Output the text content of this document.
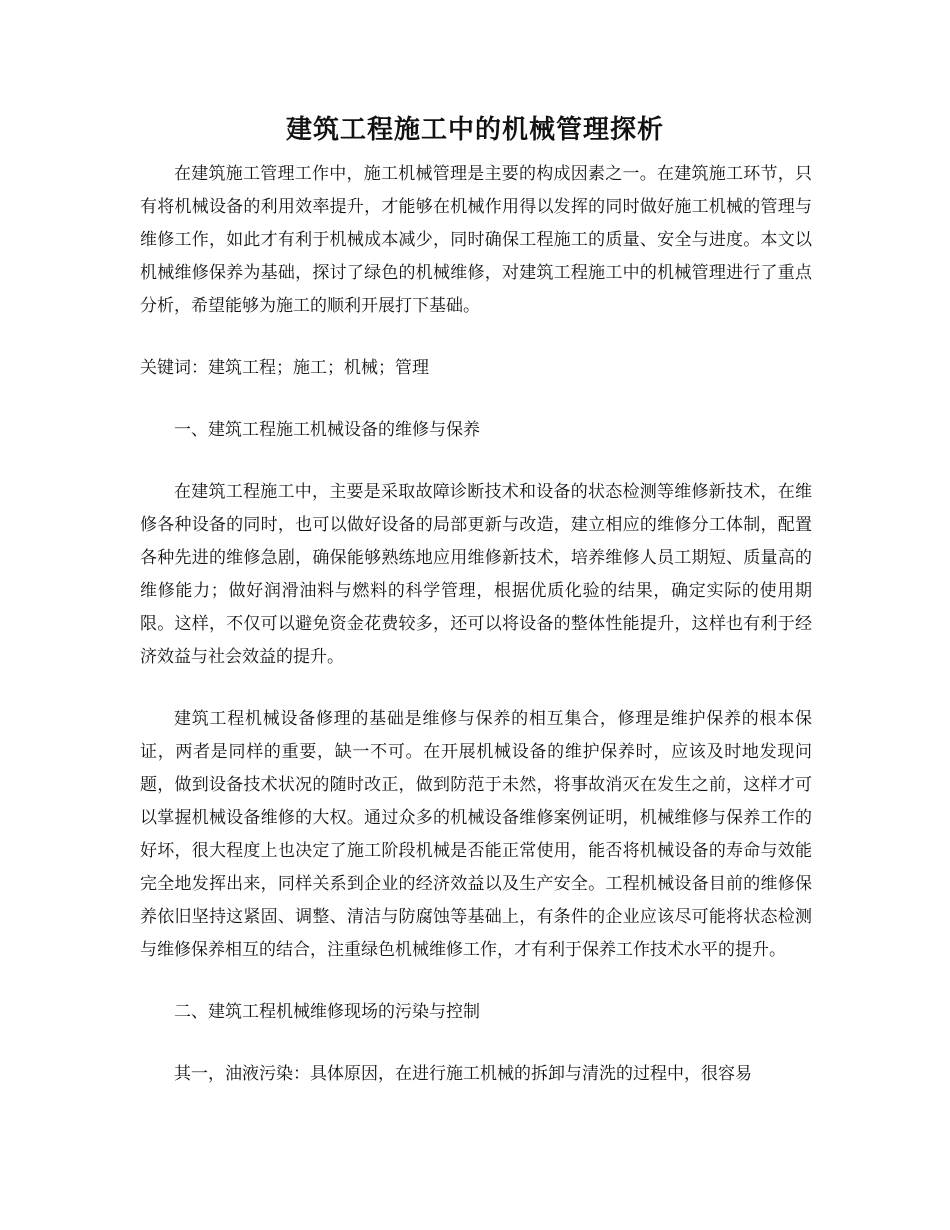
建筑工程施工中的机械管理探析

在建筑施工管理工作中，施工机械管理是主要的构成因素之一。在建筑施工环节，只有将机械设备的利用效率提升，才能够在机械作用得以发挥的同时做好施工机械的管理与维修工作，如此才有利于机械成本减少，同时确保工程施工的质量、安全与进度。本文以机械维修保养为基础，探讨了绿色的机械维修，对建筑工程施工中的机械管理进行了重点分析，希望能够为施工的顺利开展打下基础。

关键词：建筑工程；施工；机械；管理

一、建筑工程施工机械设备的维修与保养

在建筑工程施工中，主要是采取故障诊断技术和设备的状态检测等维修新技术，在维修各种设备的同时，也可以做好设备的局部更新与改造，建立相应的维修分工体制，配置各种先进的维修急剧，确保能够熟练地应用维修新技术，培养维修人员工期短、质量高的维修能力；做好润滑油料与燃料的科学管理，根据优质化验的结果，确定实际的使用期限。这样，不仅可以避免资金花费较多，还可以将设备的整体性能提升，这样也有利于经济效益与社会效益的提升。

建筑工程机械设备修理的基础是维修与保养的相互集合，修理是维护保养的根本保证，两者是同样的重要，缺一不可。在开展机械设备的维护保养时，应该及时地发现问题，做到设备技术状况的随时改正，做到防范于未然，将事故消灭在发生之前，这样才可以掌握机械设备维修的大权。通过众多的机械设备维修案例证明，机械维修与保养工作的好坏，很大程度上也决定了施工阶段机械是否能正常使用，能否将机械设备的寿命与效能完全地发挥出来，同样关系到企业的经济效益以及生产安全。工程机械设备目前的维修保养依旧坚持这紧固、调整、清洁与防腐蚀等基础上，有条件的企业应该尽可能将状态检测与维修保养相互的结合，注重绿色机械维修工作，才有利于保养工作技术水平的提升。

二、建筑工程机械维修现场的污染与控制

其一，油液污染：具体原因，在进行施工机械的拆卸与清洗的过程中，很容易
